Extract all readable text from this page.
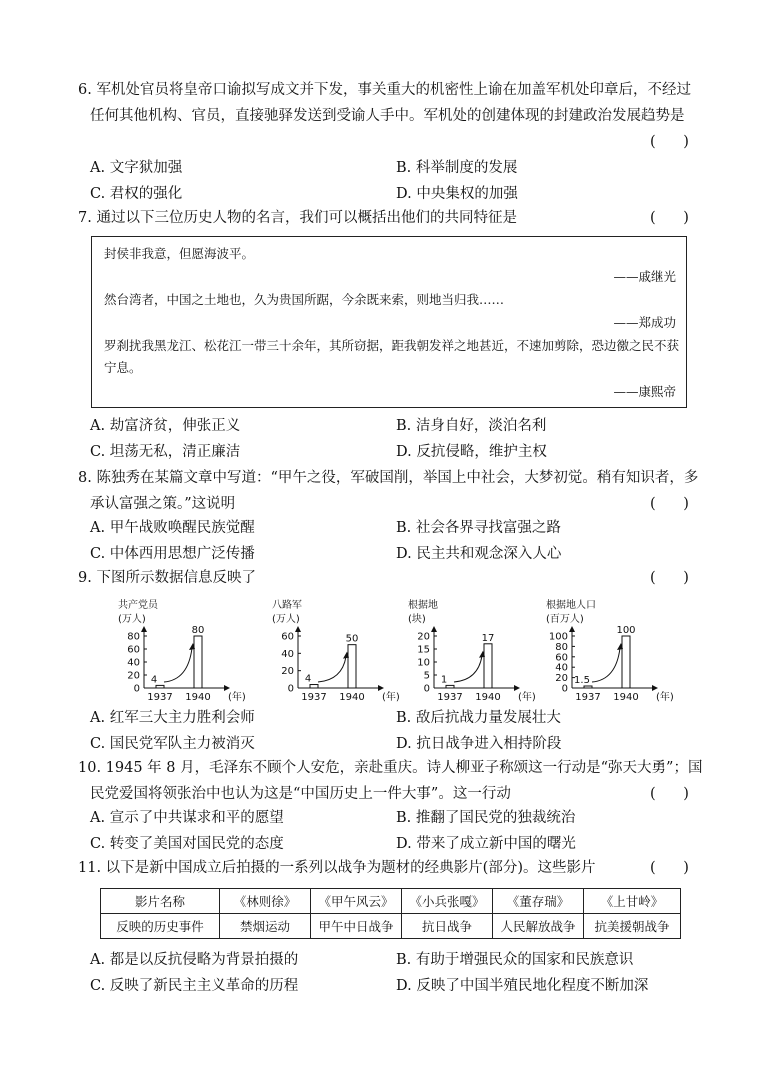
6. 军机处官员将皇帝口谕拟写成文并下发，事关重大的机密性上谕在加盖军机处印章后，不经过
任何其他机构、官员，直接驰驿发送到受谕人手中。军机处的创建体现的封建政治发展趋势是
(      )
A. 文字狱加强	B. 科举制度的发展
C. 君权的强化	D. 中央集权的加强
7. 通过以下三位历史人物的名言，我们可以概括出他们的共同特征是	(      )
封侯非我意，但愿海波平。
——戚继光
然台湾者，中国之土地也，久为贵国所踞，今余既来索，则地当归我……
——郑成功
罗刹扰我黑龙江、松花江一带三十余年，其所窃据，距我朝发祥之地甚近，不速加剪除，恐边徼之民不获
宁息。
——康熙帝
A. 劫富济贫，伸张正义	B. 洁身自好，淡泊名利
C. 坦荡无私，清正廉洁	D. 反抗侵略，维护主权
8. 陈独秀在某篇文章中写道：“甲午之役，军破国削，举国上中社会，大梦初觉。稍有知识者，多
承认富强之策。”这说明	(      )
A. 甲午战败唤醒民族觉醒	B. 社会各界寻找富强之路
C. 中体西用思想广泛传播	D. 民主共和观念深入人心
9. 下图所示数据信息反映了	(      )
共产党员
(万人)
0
20
40
60
80
4
1937
80
1940 (年)
八路军
(万人)
0
20
40
60
4
1937
50
1940 (年)
根据地
(块)
0
5
10
15
20
1
1937
17
1940 (年)
根据地人口
(百万人)
0
20
40
60
80
100
1.5
1937
100
1940 (年)
A. 红军三大主力胜利会师	B. 敌后抗战力量发展壮大
C. 国民党军队主力被消灭	D. 抗日战争进入相持阶段
10. 1945 年 8 月，毛泽东不顾个人安危，亲赴重庆。诗人柳亚子称颂这一行动是“弥天大勇”；国
民党爱国将领张治中也认为这是“中国历史上一件大事”。这一行动	(      )
A. 宣示了中共谋求和平的愿望	B. 推翻了国民党的独裁统治
C. 转变了美国对国民党的态度	D. 带来了成立新中国的曙光
11. 以下是新中国成立后拍摄的一系列以战争为题材的经典影片(部分)。这些影片	(      )
影片名称	《林则徐》	《甲午风云》	《小兵张嘎》	《董存瑞》	《上甘岭》
反映的历史事件	禁烟运动	甲午中日战争	抗日战争	人民解放战争	抗美援朝战争
A. 都是以反抗侵略为背景拍摄的	B. 有助于增强民众的国家和民族意识
C. 反映了新民主主义革命的历程	D. 反映了中国半殖民地化程度不断加深
